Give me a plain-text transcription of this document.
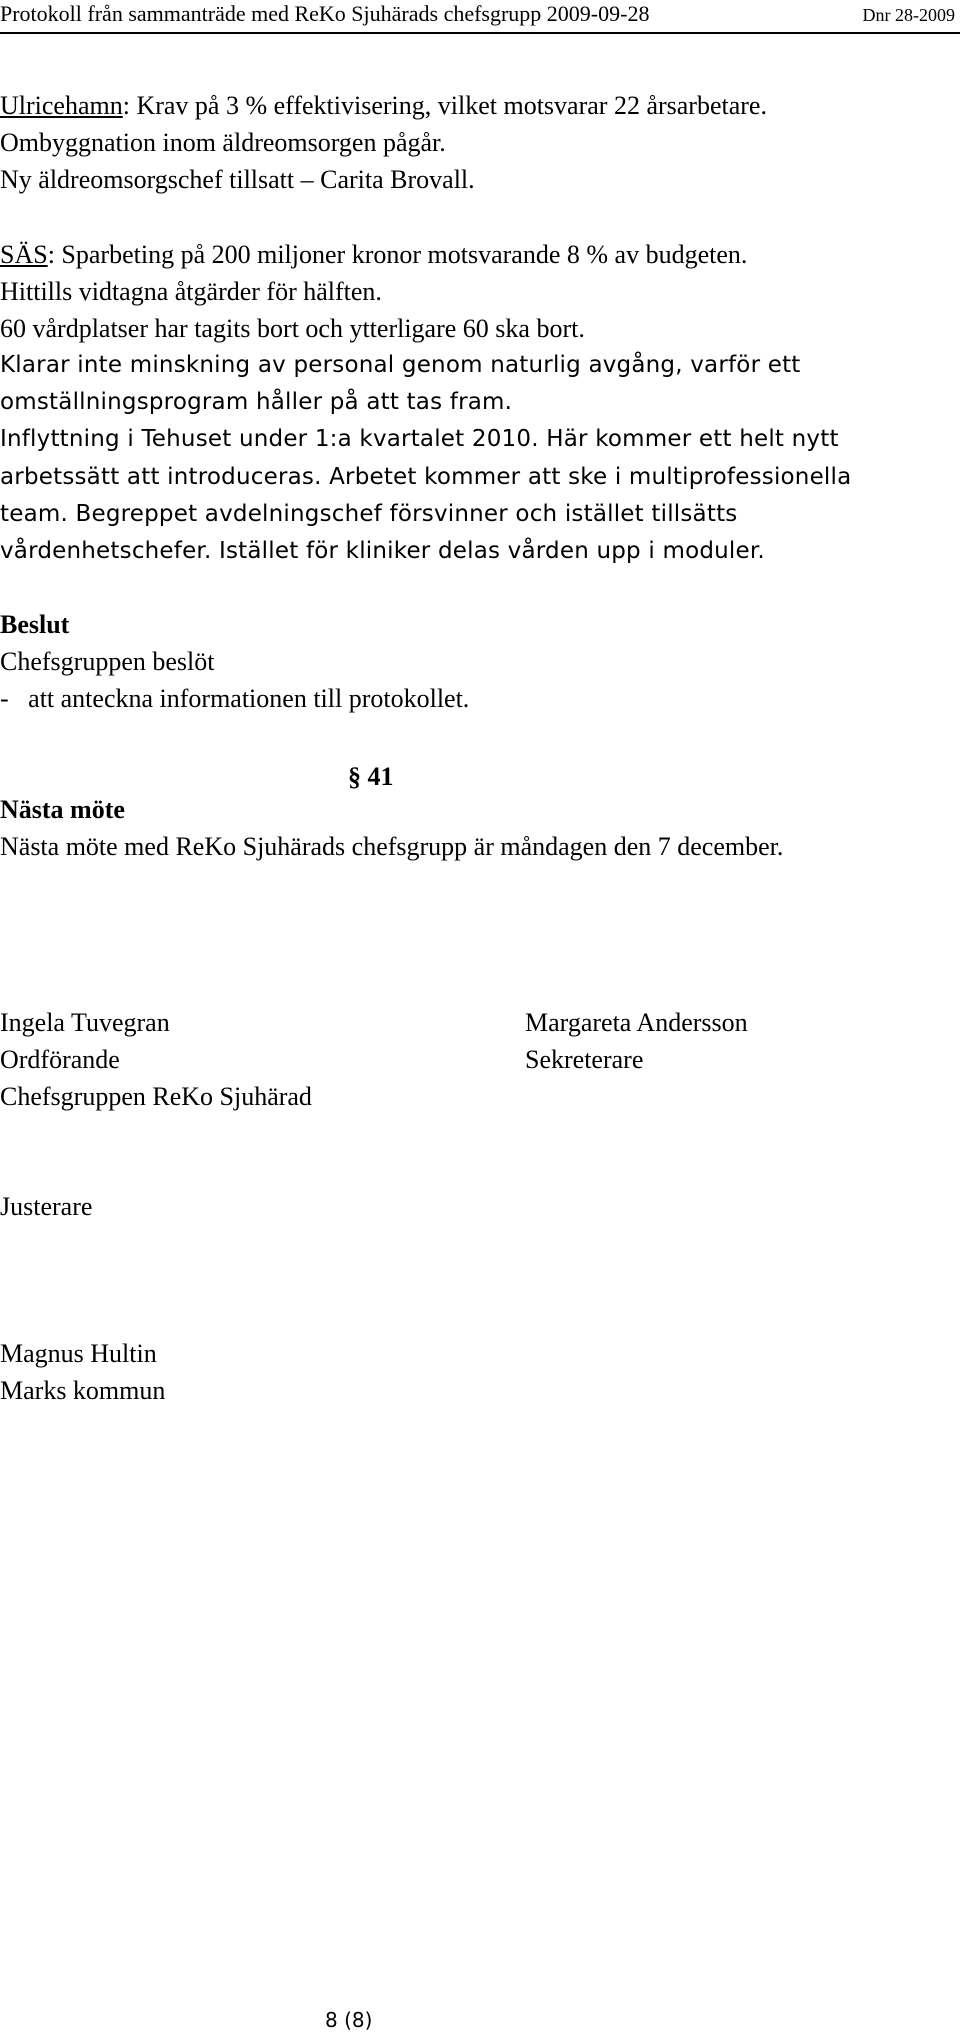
Protokoll från sammanträde med ReKo Sjuhärads chefsgrupp 2009-09-28	Dnr 28-2009
Ulricehamn: Krav på 3 % effektivisering, vilket motsvarar 22 årsarbetare.
Ombyggnation inom äldreomsorgen pågår.
Ny äldreomsorgschef tillsatt – Carita Brovall.
SÄS: Sparbeting på 200 miljoner kronor motsvarande 8 % av budgeten.
Hittills vidtagna åtgärder för hälften.
60 vårdplatser har tagits bort och ytterligare 60 ska bort.
Klarar inte minskning av personal genom naturlig avgång, varför ett
omställningsprogram håller på att tas fram.
Inflyttning i Tehuset under 1:a kvartalet 2010. Här kommer ett helt nytt
arbetssätt att introduceras. Arbetet kommer att ske i multiprofessionella
team. Begreppet avdelningschef försvinner och istället tillsätts
vårdenhetschefer. Istället för kliniker delas vården upp i moduler.
Beslut
Chefsgruppen beslöt
-   att anteckna informationen till protokollet.
§ 41
Nästa möte
Nästa möte med ReKo Sjuhärads chefsgrupp är måndagen den 7 december.
Ingela Tuvegran
Ordförande
Chefsgruppen ReKo Sjuhärad
Margareta Andersson
Sekreterare
Justerare
Magnus Hultin
Marks kommun
8 (8)
